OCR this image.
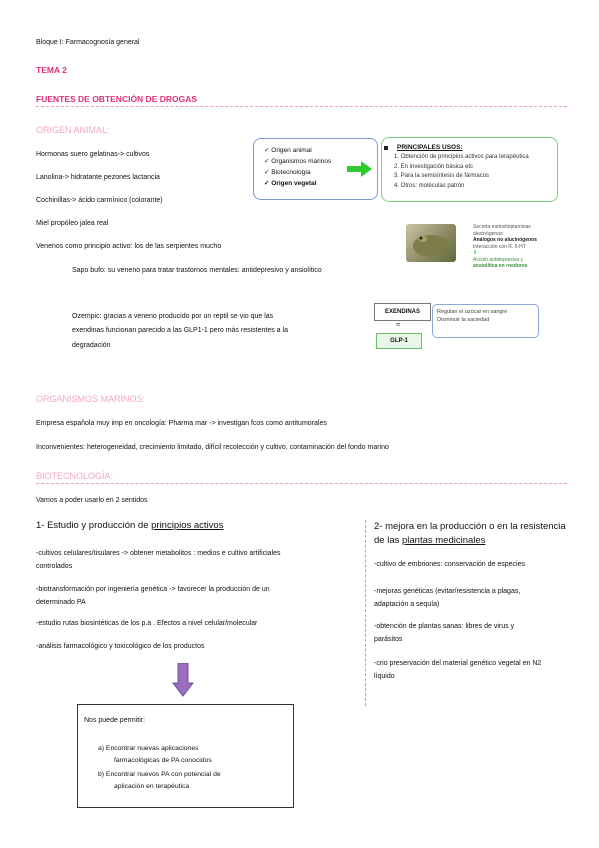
Bloque I: Farmacognosía general
TEMA 2
FUENTES DE OBTENCIÓN DE DROGAS
ORIGEN ANIMAL:
Hormonas suero gelatinas-> cultivos
Lanolina-> hidratante pezones lactancia
Cochinillas-> ácido carmínico (colorante)
Miel propóleo jalea real
Venenos como principio activo: los de las serpientes mucho
Sapo bufo: su veneno para tratar trastornos mentales: antidepresivo y ansiolítico
Ozempic: gracias a veneno producido por un reptil se vio que las
exendinas funcionan parecido a las GLP1-1 pero más resistentes a la
degradación
✓ Origen animal
✓ Organismos marinos
✓ Biotecnología
✓ Origen vegetal
PRINCIPALES USOS:
1. Obtención de principios activos para terapéutica
2. En investigación básica etc
3. Para la semisíntesis de fármacos
4. Otros: moléculas patrón
Secreta metoxitriptaminas
alucinógenas:
Análogos no alucinógenos
Interacción con R. 5-HT
⬇
Acción antidepresiva y
ansiolítica en roedores
EXENDINAS
≈
GLP-1
Regulan el azúcar en sangre
Disminuir la saciedad
ORGANISMOS MARINOS:
Empresa española muy imp en oncología: Pharma mar -> investigan fcos como antitumorales
Inconvenientes: heterogeneidad, crecimiento limitado, difícil recolección y cultivo, contaminación del fondo marino
BIOTECNOLOGÍA:
Vamos a poder usarlo en 2 sentidos
1- Estudio y producción de principios activos
-cultivos celulares/tisulares -> obtener metabolitos : medios e cultivo artificiales
controlados
-biotransformación por ingeniería genética -> favorecer la producción de un
determinado PA
-estudio rutas biosintéticas de los p.a . Efectos a nivel celular/molecular
-análisis farmacológico y toxicológico de los productos
2- mejora en la producción o en la resistencia
de las plantas medicinales
-cultivo de embriones: conservación de especies
-mejoras genéticas (evitar/resistencia a plagas,
adaptación a sequía)
-obtención de plantas sanas: libres de virus y
parásitos
-crio preservación del material genético vegetal en N2
líquido
Nos puede permitir:
a) Encontrar nuevas aplicaciones
farmacológicas de PA conocidos
b) Encontrar nuevos PA con potencial de
aplicación en terapéutica
